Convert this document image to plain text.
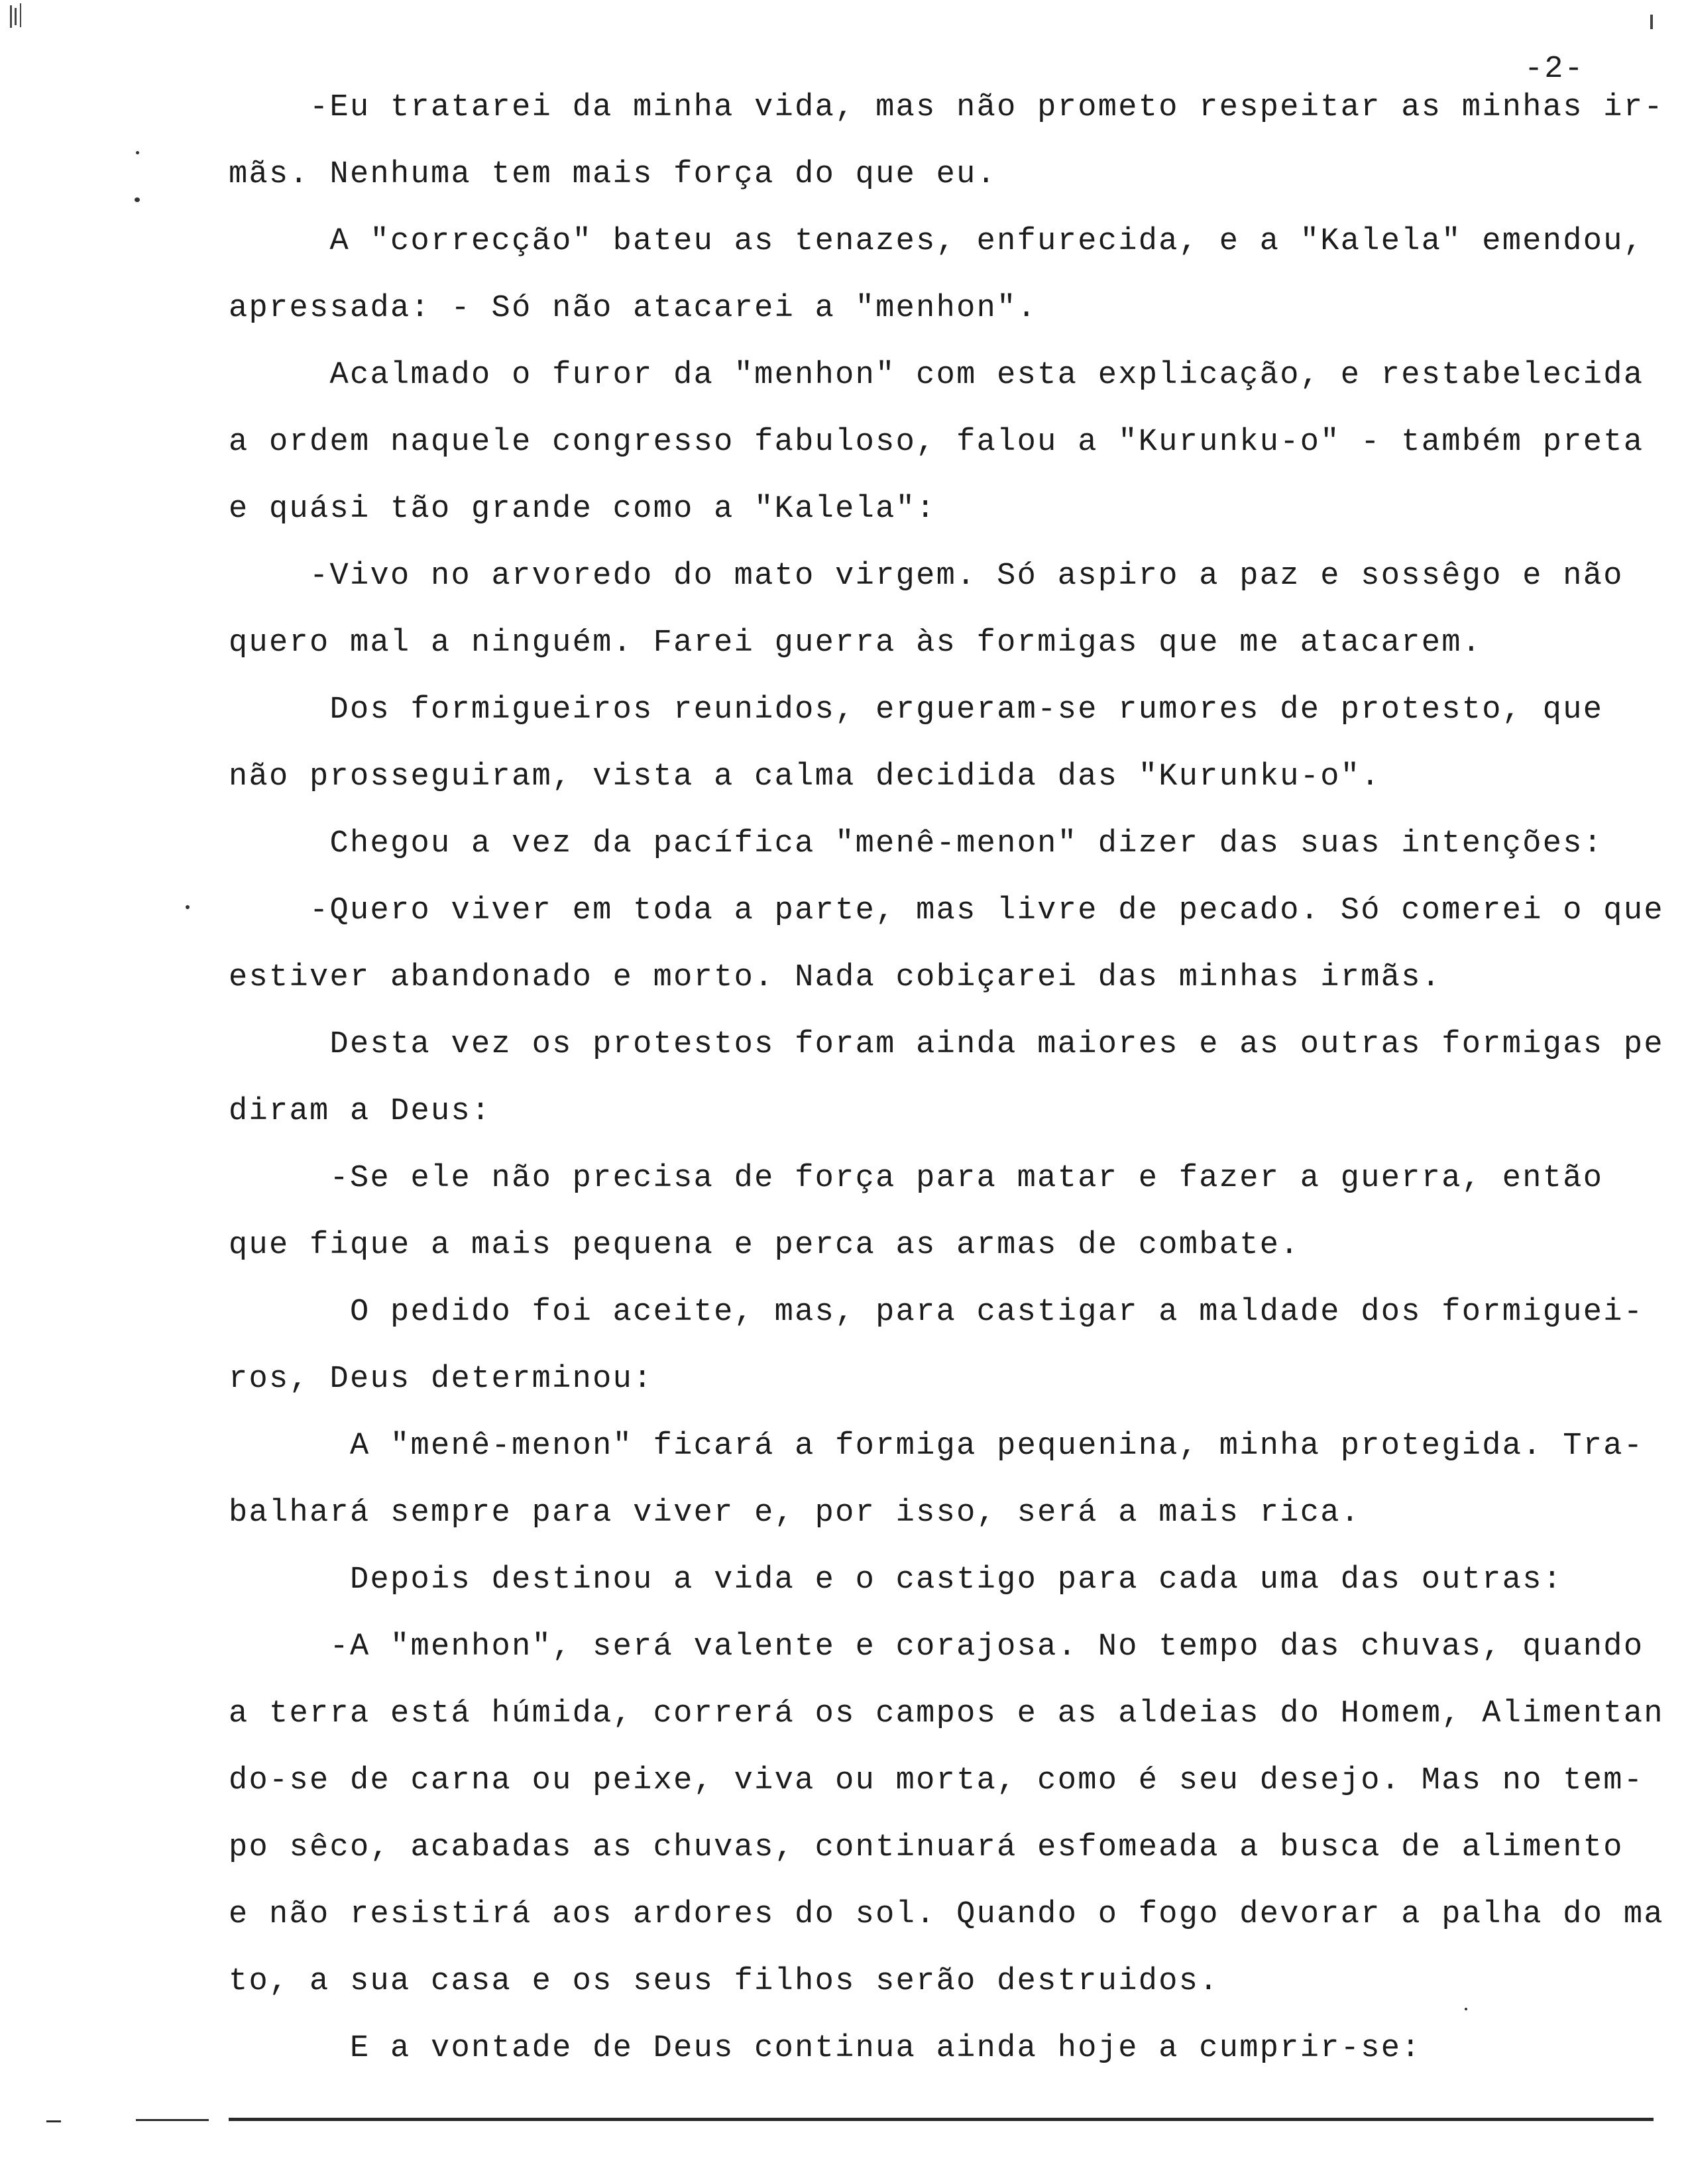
-2-
-Eu tratarei da minha vida, mas não prometo respeitar as minhas ir-
mãs. Nenhuma tem mais força do que eu.
A "correcção" bateu as tenazes, enfurecida, e a "Kalela" emendou,
apressada: - Só não atacarei a "menhon".
Acalmado o furor da "menhon" com esta explicação, e restabelecida
a ordem naquele congresso fabuloso, falou a "Kurunku-o" - também preta
e quási tão grande como a "Kalela":
-Vivo no arvoredo do mato virgem. Só aspiro a paz e sossêgo e não
quero mal a ninguém. Farei guerra às formigas que me atacarem.
Dos formigueiros reunidos, ergueram-se rumores de protesto, que
não prosseguiram, vista a calma decidida das "Kurunku-o".
Chegou a vez da pacífica "menê-menon" dizer das suas intenções:
-Quero viver em toda a parte, mas livre de pecado. Só comerei o que
estiver abandonado e morto. Nada cobiçarei das minhas irmãs.
Desta vez os protestos foram ainda maiores e as outras formigas pe
diram a Deus:
-Se ele não precisa de força para matar e fazer a guerra, então
que fique a mais pequena e perca as armas de combate.
O pedido foi aceite, mas, para castigar a maldade dos formiguei-
ros, Deus determinou:
A "menê-menon" ficará a formiga pequenina, minha protegida. Tra-
balhará sempre para viver e, por isso, será a mais rica.
Depois destinou a vida e o castigo para cada uma das outras:
-A "menhon", será valente e corajosa. No tempo das chuvas, quando
a terra está húmida, correrá os campos e as aldeias do Homem, Alimentan
do-se de carna ou peixe, viva ou morta, como é seu desejo. Mas no tem-
po sêco, acabadas as chuvas, continuará esfomeada a busca de alimento
e não resistirá aos ardores do sol. Quando o fogo devorar a palha do ma
to, a sua casa e os seus filhos serão destruidos.
E a vontade de Deus continua ainda hoje a cumprir-se:
